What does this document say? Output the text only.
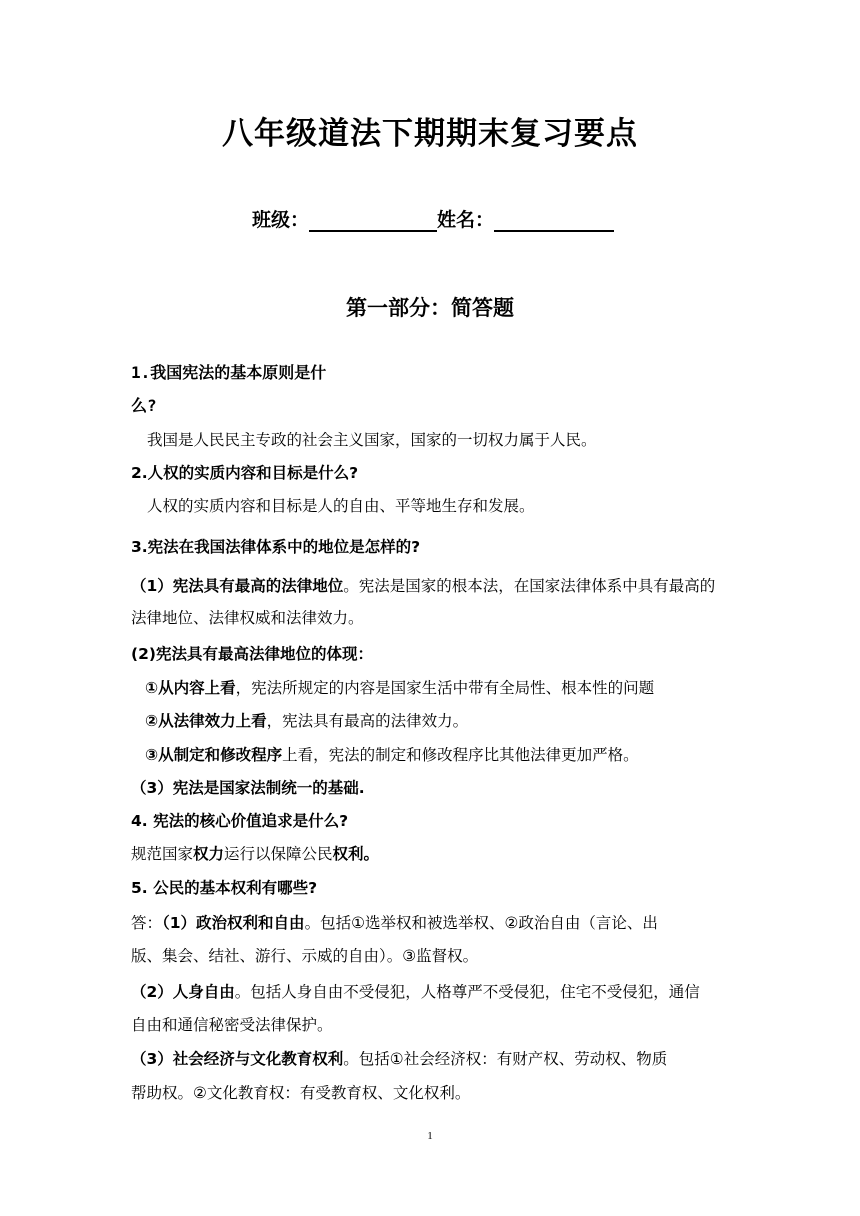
八年级道法下期期末复习要点
班级：	姓名：
第一部分：简答题
1.我国宪法的基本原则是什
么?
我国是人民民主专政的社会主义国家，国家的一切权力属于人民。
2.人权的实质内容和目标是什么?
人权的实质内容和目标是人的自由、平等地生存和发展。
3.宪法在我国法律体系中的地位是怎样的?
（1）宪法具有最高的法律地位。宪法是国家的根本法，在国家法律体系中具有最高的
法律地位、法律权威和法律效力。
(2)宪法具有最高法律地位的体现：
①从内容上看，宪法所规定的内容是国家生活中带有全局性、根本性的问题
②从法律效力上看，宪法具有最高的法律效力。
③从制定和修改程序上看，宪法的制定和修改程序比其他法律更加严格。
（3）宪法是国家法制统一的基础.
4. 宪法的核心价值追求是什么?
规范国家权力运行以保障公民权利。
5. 公民的基本权利有哪些?
答：（1）政治权利和自由。包括①选举权和被选举权、②政治自由（言论、出
版、集会、结社、游行、示威的自由）。③监督权。
（2）人身自由。包括人身自由不受侵犯，人格尊严不受侵犯，住宅不受侵犯，通信
自由和通信秘密受法律保护。
（3）社会经济与文化教育权利。包括①社会经济权：有财产权、劳动权、物质
帮助权。②文化教育权：有受教育权、文化权利。
1
